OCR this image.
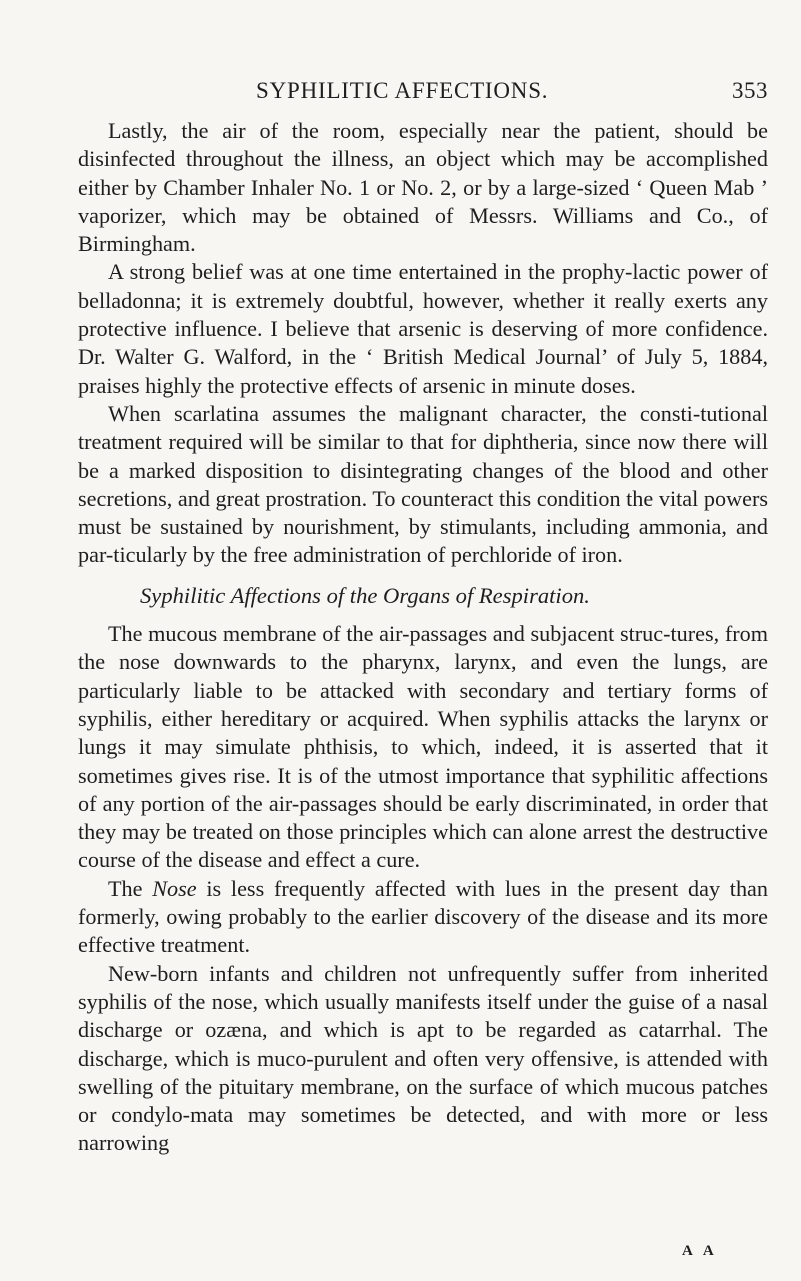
SYPHILITIC AFFECTIONS.	353

Lastly, the air of the room, especially near the patient, should be disinfected throughout the illness, an object which may be accomplished either by Chamber Inhaler No. 1 or No. 2, or by a large-sized ‘ Queen Mab ’ vaporizer, which may be obtained of Messrs. Williams and Co., of Birmingham.

A strong belief was at one time entertained in the prophy-lactic power of belladonna; it is extremely doubtful, however, whether it really exerts any protective influence. I believe that arsenic is deserving of more confidence. Dr. Walter G. Walford, in the ‘ British Medical Journal’ of July 5, 1884, praises highly the protective effects of arsenic in minute doses.

When scarlatina assumes the malignant character, the consti-tutional treatment required will be similar to that for diphtheria, since now there will be a marked disposition to disintegrating changes of the blood and other secretions, and great prostration. To counteract this condition the vital powers must be sustained by nourishment, by stimulants, including ammonia, and par-ticularly by the free administration of perchloride of iron.

Syphilitic Affections of the Organs of Respiration.

The mucous membrane of the air-passages and subjacent struc-tures, from the nose downwards to the pharynx, larynx, and even the lungs, are particularly liable to be attacked with secondary and tertiary forms of syphilis, either hereditary or acquired. When syphilis attacks the larynx or lungs it may simulate phthisis, to which, indeed, it is asserted that it sometimes gives rise. It is of the utmost importance that syphilitic affections of any portion of the air-passages should be early discriminated, in order that they may be treated on those principles which can alone arrest the destructive course of the disease and effect a cure.

The Nose is less frequently affected with lues in the present day than formerly, owing probably to the earlier discovery of the disease and its more effective treatment.

New-born infants and children not unfrequently suffer from inherited syphilis of the nose, which usually manifests itself under the guise of a nasal discharge or ozæna, and which is apt to be regarded as catarrhal. The discharge, which is muco-purulent and often very offensive, is attended with swelling of the pituitary membrane, on the surface of which mucous patches or condylo-mata may sometimes be detected, and with more or less narrowing

A A
